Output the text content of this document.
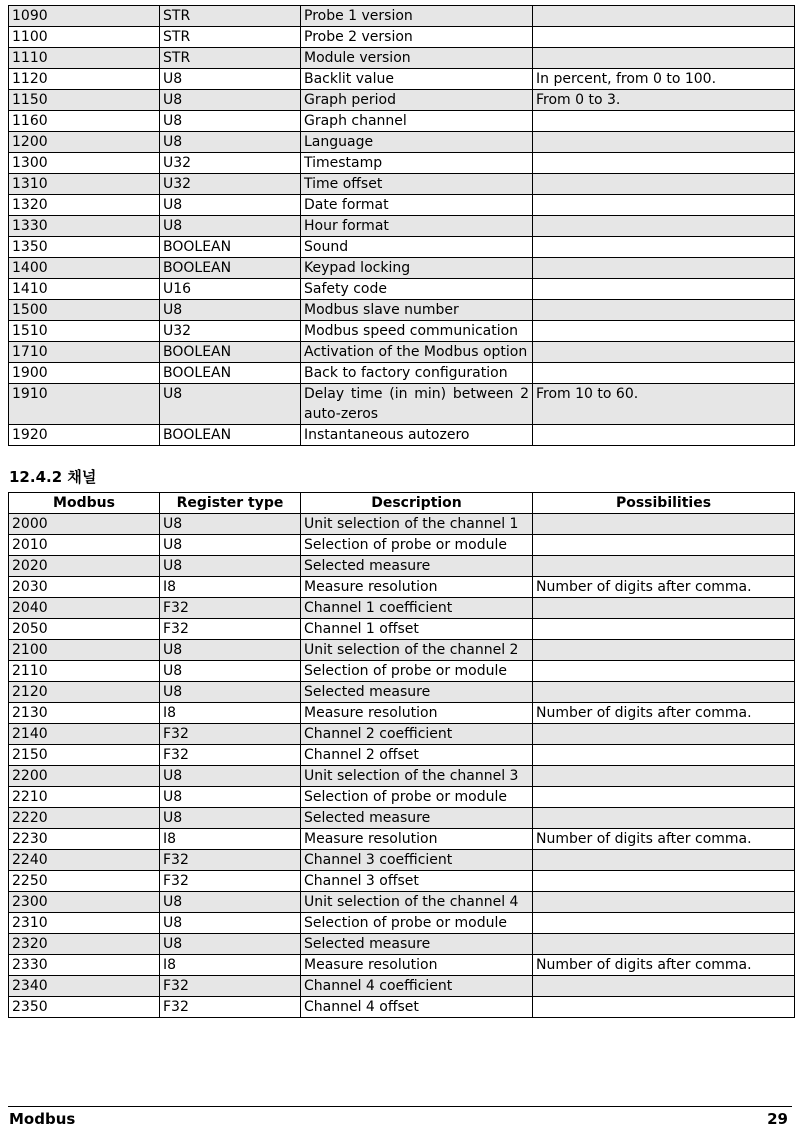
1090	STR	Probe 1 version	
1100	STR	Probe 2 version	
1110	STR	Module version	
1120	U8	Backlit value	In percent, from 0 to 100.
1150	U8	Graph period	From 0 to 3.
1160	U8	Graph channel	
1200	U8	Language	
1300	U32	Timestamp	
1310	U32	Time offset	
1320	U8	Date format	
1330	U8	Hour format	
1350	BOOLEAN	Sound	
1400	BOOLEAN	Keypad locking	
1410	U16	Safety code	
1500	U8	Modbus slave number	
1510	U32	Modbus speed communication	
1710	BOOLEAN	Activation of the Modbus option	
1900	BOOLEAN	Back to factory configuration	
1910	U8	Delay time (in min) between 2 auto-zeros	From 10 to 60.
1920	BOOLEAN	Instantaneous autozero	
12.4.2 채널
Modbus	Register type	Description	Possibilities
2000	U8	Unit selection of the channel 1	
2010	U8	Selection of probe or module	
2020	U8	Selected measure	
2030	I8	Measure resolution	Number of digits after comma.
2040	F32	Channel 1 coefficient	
2050	F32	Channel 1 offset	
2100	U8	Unit selection of the channel 2	
2110	U8	Selection of probe or module	
2120	U8	Selected measure	
2130	I8	Measure resolution	Number of digits after comma.
2140	F32	Channel 2 coefficient	
2150	F32	Channel 2 offset	
2200	U8	Unit selection of the channel 3	
2210	U8	Selection of probe or module	
2220	U8	Selected measure	
2230	I8	Measure resolution	Number of digits after comma.
2240	F32	Channel 3 coefficient	
2250	F32	Channel 3 offset	
2300	U8	Unit selection of the channel 4	
2310	U8	Selection of probe or module	
2320	U8	Selected measure	
2330	I8	Measure resolution	Number of digits after comma.
2340	F32	Channel 4 coefficient	
2350	F32	Channel 4 offset	
Modbus	29
